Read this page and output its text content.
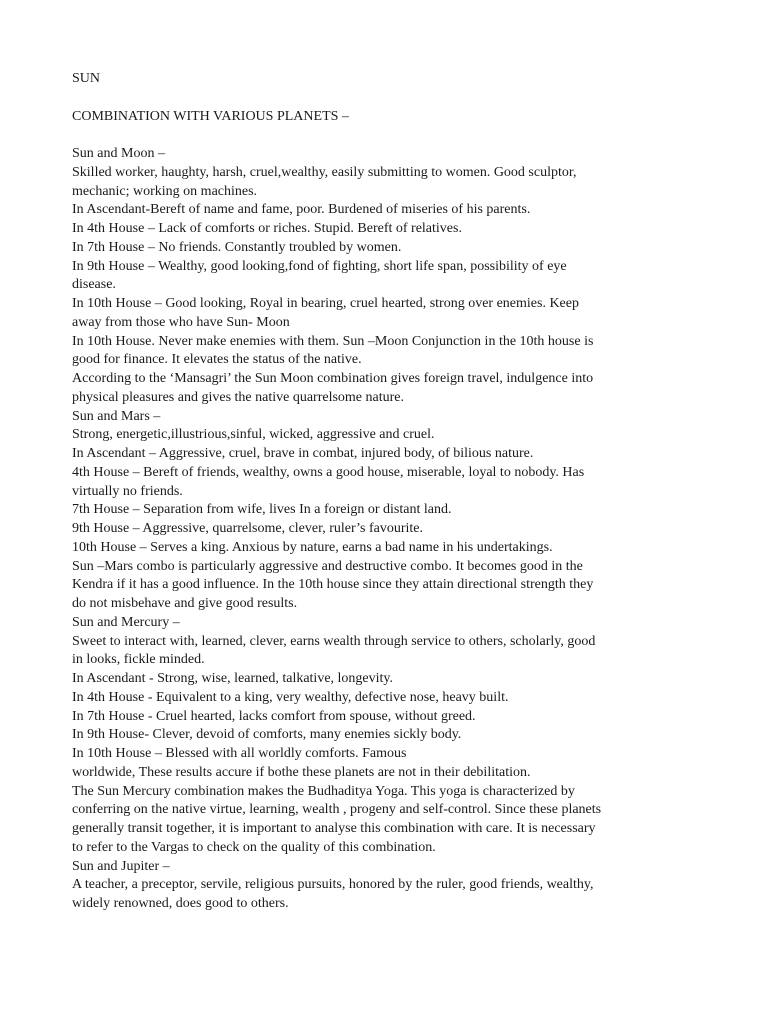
SUN
COMBINATION WITH VARIOUS PLANETS –
Sun and Moon –
Skilled worker, haughty, harsh, cruel,wealthy, easily submitting to women. Good sculptor,
mechanic; working on machines.
In Ascendant-Bereft of name and fame, poor. Burdened of miseries of his parents.
In 4th House – Lack of comforts or riches. Stupid. Bereft of relatives.
In 7th House – No friends. Constantly troubled by women.
In 9th House – Wealthy, good looking,fond of fighting, short life span, possibility of eye
disease.
In 10th House – Good looking, Royal in bearing, cruel hearted, strong over enemies. Keep
away from those who have Sun- Moon
In 10th House. Never make enemies with them. Sun –Moon Conjunction in the 10th house is
good for finance. It elevates the status of the native.
According to the ‘Mansagri’ the Sun Moon combination gives foreign travel, indulgence into
physical pleasures and gives the native quarrelsome nature.
Sun and Mars –
Strong, energetic,illustrious,sinful, wicked, aggressive and cruel.
In Ascendant – Aggressive, cruel, brave in combat, injured body, of bilious nature.
4th House – Bereft of friends, wealthy, owns a good house, miserable, loyal to nobody. Has
virtually no friends.
7th House – Separation from wife, lives In a foreign or distant land.
9th House – Aggressive, quarrelsome, clever, ruler’s favourite.
10th House – Serves a king. Anxious by nature, earns a bad name in his undertakings.
Sun –Mars combo is particularly aggressive and destructive combo. It becomes good in the
Kendra if it has a good influence. In the 10th house since they attain directional strength they
do not misbehave and give good results.
Sun and Mercury –
Sweet to interact with, learned, clever, earns wealth through service to others, scholarly, good
in looks, fickle minded.
In Ascendant - Strong, wise, learned, talkative, longevity.
In 4th House - Equivalent to a king, very wealthy, defective nose, heavy built.
In 7th House - Cruel hearted, lacks comfort from spouse, without greed.
In 9th House- Clever, devoid of comforts, many enemies sickly body.
In 10th House – Blessed with all worldly comforts. Famous
worldwide, These results accure if bothe these planets are not in their debilitation.
The Sun Mercury combination makes the Budhaditya Yoga. This yoga is characterized by
conferring on the native virtue, learning, wealth , progeny and self-control. Since these planets
generally transit together, it is important to analyse this combination with care. It is necessary
to refer to the Vargas to check on the quality of this combination.
Sun and Jupiter –
A teacher, a preceptor, servile, religious pursuits, honored by the ruler, good friends, wealthy,
widely renowned, does good to others.
